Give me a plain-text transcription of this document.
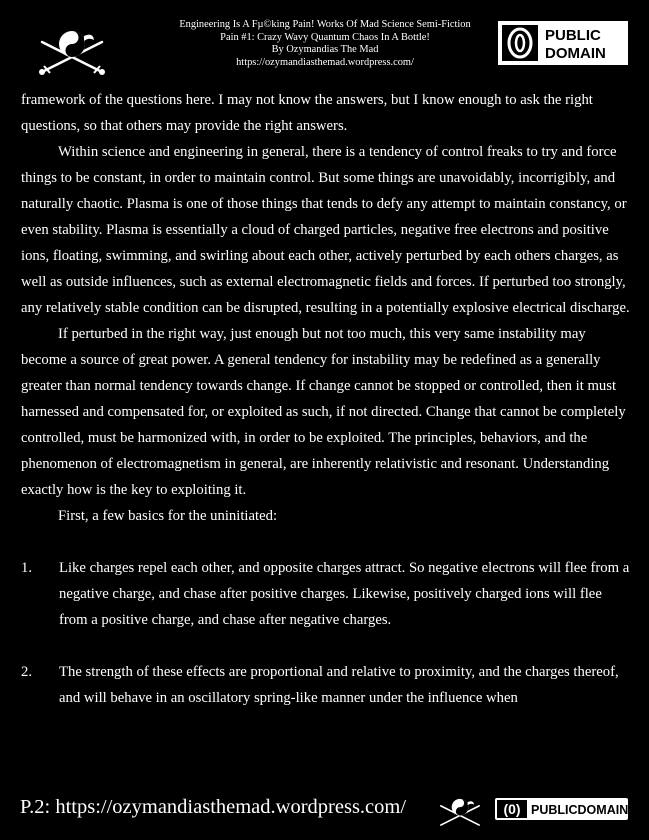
Engineering Is A Fµ©king Pain! Works Of Mad Science Semi-Fiction
Pain #1: Crazy Wavy Quantum Chaos In A Bottle!
By Ozymandias The Mad
https://ozymandiasthemad.wordpress.com/
PUBLIC
DOMAIN

framework of the questions here. I may not know the answers, but I know enough to ask the right questions, so that others may provide the right answers.

Within science and engineering in general, there is a tendency of control freaks to try and force things to be constant, in order to maintain control. But some things are unavoidably, incorrigibly, and naturally chaotic. Plasma is one of those things that tends to defy any attempt to maintain constancy, or even stability. Plasma is essentially a cloud of charged particles, negative free electrons and positive ions, floating, swimming, and swirling about each other, actively perturbed by each others charges, as well as outside influences, such as external electromagnetic fields and forces. If perturbed too strongly, any relatively stable condition can be disrupted, resulting in a potentially explosive electrical discharge.

If perturbed in the right way, just enough but not too much, this very same instability may become a source of great power. A general tendency for instability may be redefined as a generally greater than normal tendency towards change. If change cannot be stopped or controlled, then it must harnessed and compensated for, or exploited as such, if not directed. Change that cannot be completely controlled, must be harmonized with, in order to be exploited. The principles, behaviors, and the phenomenon of electromagnetism in general, are inherently relativistic and resonant. Understanding exactly how is the key to exploiting it.

First, a few basics for the uninitiated:

1.	Like charges repel each other, and opposite charges attract. So negative electrons will flee from a negative charge, and chase after positive charges. Likewise, positively charged ions will flee from a positive charge, and chase after negative charges.
2.	The strength of these effects are proportional and relative to proximity, and the charges thereof, and will behave in an oscillatory spring-like manner under the influence when
P.2: https://ozymandiasthemad.wordpress.com/	(0) PUBLICDOMAIN
